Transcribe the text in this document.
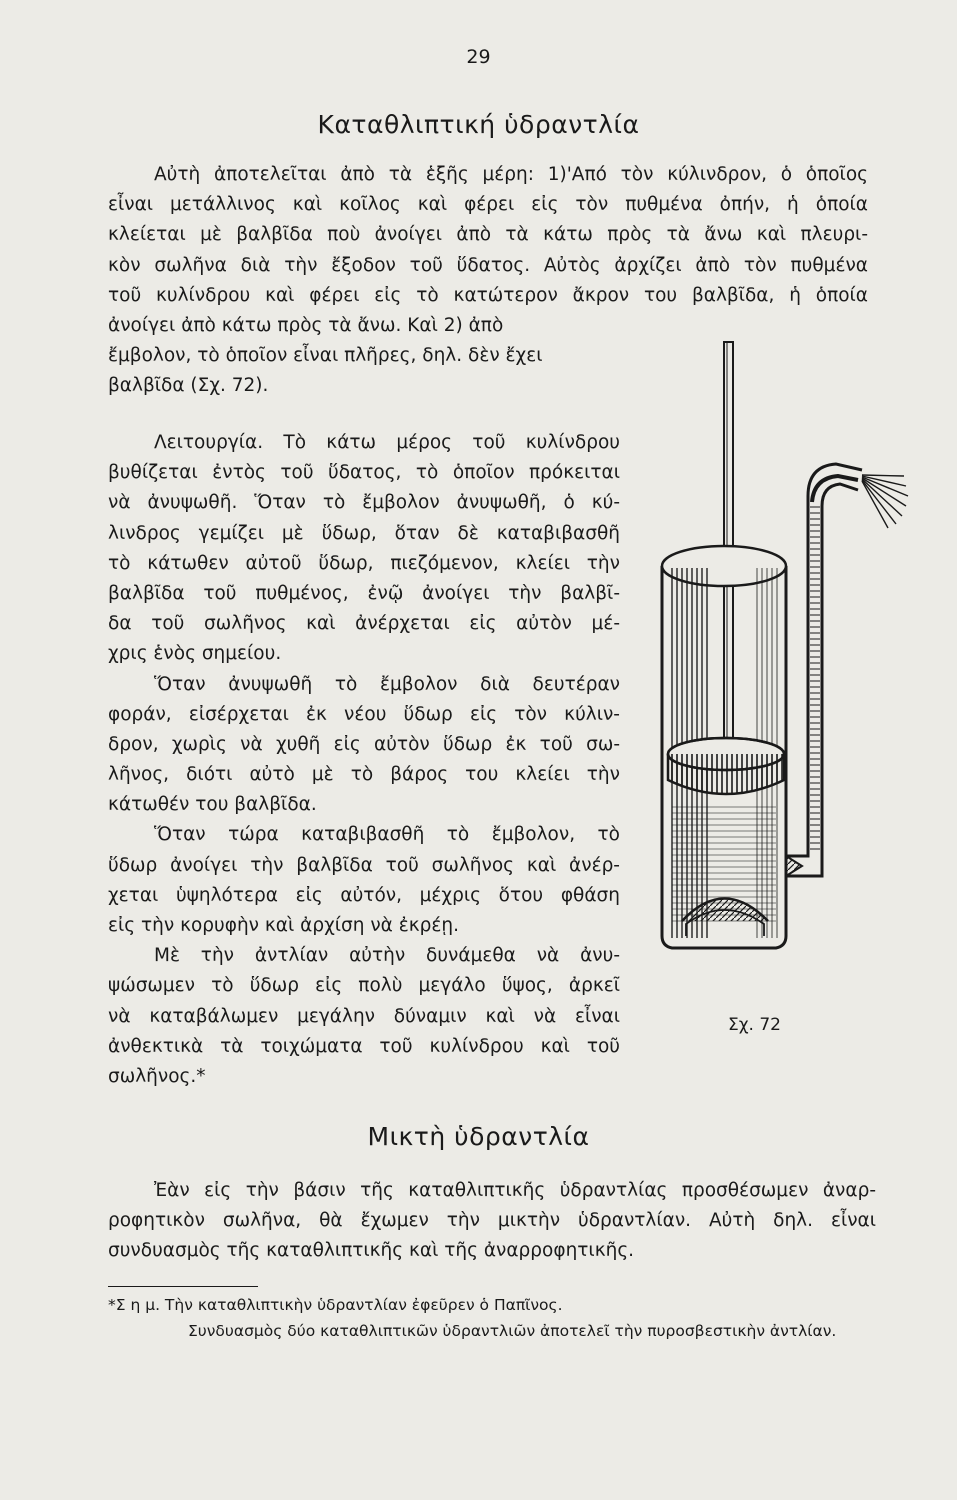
29
Καταθλιπτική ὑδραντλία
Αὐτὴ ἀποτελεῖται ἀπὸ τὰ ἑξῆς μέρη: 1)'Από τὸν κύλινδρον, ὁ ὁποῖος
εἶναι μετάλλινος καὶ κοῖλος καὶ φέρει εἰς τὸν πυθμένα ὀπήν, ἡ ὁποία
κλείεται μὲ βαλβῖδα ποὺ ἀνοίγει ἀπὸ τὰ κάτω πρὸς τὰ ἄνω καὶ πλευρι-
κὸν σωλῆνα διὰ τὴν ἔξοδον τοῦ ὕδατος. Αὐτὸς ἀρχίζει ἀπὸ τὸν πυθμένα
τοῦ κυλίνδρου καὶ φέρει εἰς τὸ κατώτερον ἄκρον του βαλβῖδα, ἡ ὁποία
ἀνοίγει ἀπὸ κάτω πρὸς τὰ ἄνω. Καὶ 2) ἀπὸ
ἔμβολον, τὸ ὁποῖον εἶναι πλῆρες, δηλ. δὲν ἔχει
βαλβῖδα (Σχ. 72).
Λειτουργία. Τὸ κάτω μέρος τοῦ κυλίνδρου
βυθίζεται ἐντὸς τοῦ ὕδατος, τὸ ὁποῖον πρόκειται
νὰ ἀνυψωθῆ. Ὅταν τὸ ἔμβολον ἀνυψωθῆ, ὁ κύ-
λινδρος γεμίζει μὲ ὕδωρ, ὅταν δὲ καταβιβασθῆ
τὸ κάτωθεν αὐτοῦ ὕδωρ, πιεζόμενον, κλείει τὴν
βαλβῖδα τοῦ πυθμένος, ἐνῷ ἀνοίγει τὴν βαλβῖ-
δα τοῦ σωλῆνος καὶ ἀνέρχεται εἰς αὐτὸν μέ-
χρις ἑνὸς σημείου.
Ὅταν ἀνυψωθῆ τὸ ἔμβολον διὰ δευτέραν
φοράν, εἰσέρχεται ἐκ νέου ὕδωρ εἰς τὸν κύλιν-
δρον, χωρὶς νὰ χυθῆ εἰς αὐτὸν ὕδωρ ἐκ τοῦ σω-
λῆνος, διότι αὐτὸ μὲ τὸ βάρος του κλείει τὴν
κάτωθέν του βαλβῖδα.
Ὅταν τώρα καταβιβασθῆ τὸ ἔμβολον, τὸ
ὕδωρ ἀνοίγει τὴν βαλβῖδα τοῦ σωλῆνος καὶ ἀνέρ-
χεται ὑψηλότερα εἰς αὐτόν, μέχρις ὅτου φθάση
εἰς τὴν κορυφὴν καὶ ἀρχίση νὰ ἐκρέῃ.
Μὲ τὴν ἀντλίαν αὐτὴν δυνάμεθα νὰ ἀνυ-
ψώσωμεν τὸ ὕδωρ εἰς πολὺ μεγάλο ὕψος, ἀρκεῖ
νὰ καταβάλωμεν μεγάλην δύναμιν καὶ νὰ εἶναι
ἀνθεκτικὰ τὰ τοιχώματα τοῦ κυλίνδρου καὶ τοῦ
σωλῆνος.*
Σχ. 72
Μικτὴ ὑδραντλία
Ἐὰν εἰς τὴν βάσιν τῆς καταθλιπτικῆς ὑδραντλίας προσθέσωμεν ἀναρ-
ροφητικὸν σωλῆνα, θὰ ἔχωμεν τὴν μικτὴν ὑδραντλίαν. Αὐτὴ δηλ. εἶναι
συνδυασμὸς τῆς καταθλιπτικῆς καὶ τῆς ἀναρροφητικῆς.
*Σ η μ. Τὴν καταθλιπτικὴν ὑδραντλίαν ἐφεῦρεν ὁ Παπῖνος.
Συνδυασμὸς δύο καταθλιπτικῶν ὑδραντλιῶν ἀποτελεῖ τὴν πυροσβεστικὴν ἀντλίαν.
